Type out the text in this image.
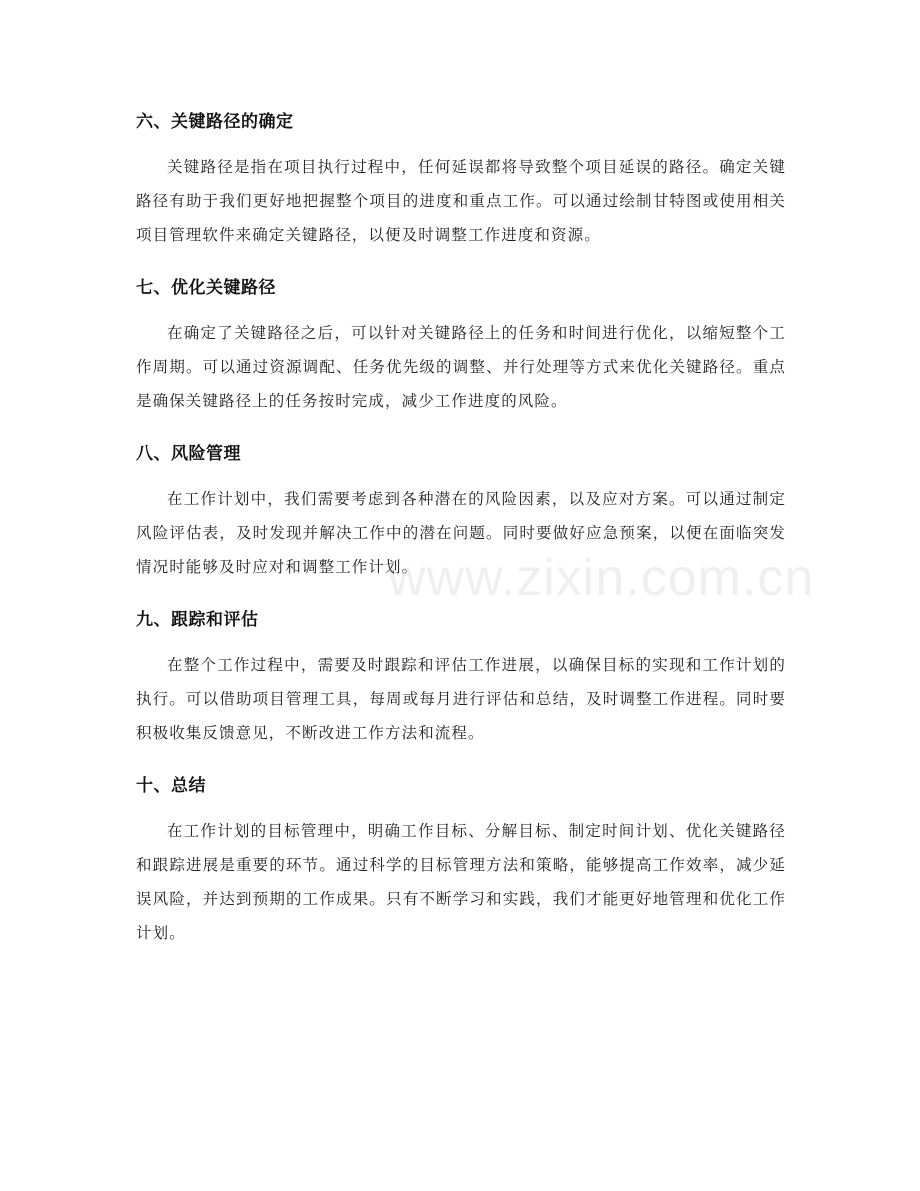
六、关键路径的确定

关键路径是指在项目执行过程中，任何延误都将导致整个项目延误的路径。确定关键路径有助于我们更好地把握整个项目的进度和重点工作。可以通过绘制甘特图或使用相关项目管理软件来确定关键路径，以便及时调整工作进度和资源。

七、优化关键路径

在确定了关键路径之后，可以针对关键路径上的任务和时间进行优化，以缩短整个工作周期。可以通过资源调配、任务优先级的调整、并行处理等方式来优化关键路径。重点是确保关键路径上的任务按时完成，减少工作进度的风险。

八、风险管理

在工作计划中，我们需要考虑到各种潜在的风险因素，以及应对方案。可以通过制定风险评估表，及时发现并解决工作中的潜在问题。同时要做好应急预案，以便在面临突发情况时能够及时应对和调整工作计划。

九、跟踪和评估

在整个工作过程中，需要及时跟踪和评估工作进展，以确保目标的实现和工作计划的执行。可以借助项目管理工具，每周或每月进行评估和总结，及时调整工作进程。同时要积极收集反馈意见，不断改进工作方法和流程。

十、总结

在工作计划的目标管理中，明确工作目标、分解目标、制定时间计划、优化关键路径和跟踪进展是重要的环节。通过科学的目标管理方法和策略，能够提高工作效率，减少延误风险，并达到预期的工作成果。只有不断学习和实践，我们才能更好地管理和优化工作计划。

www.zixin.com.cn
